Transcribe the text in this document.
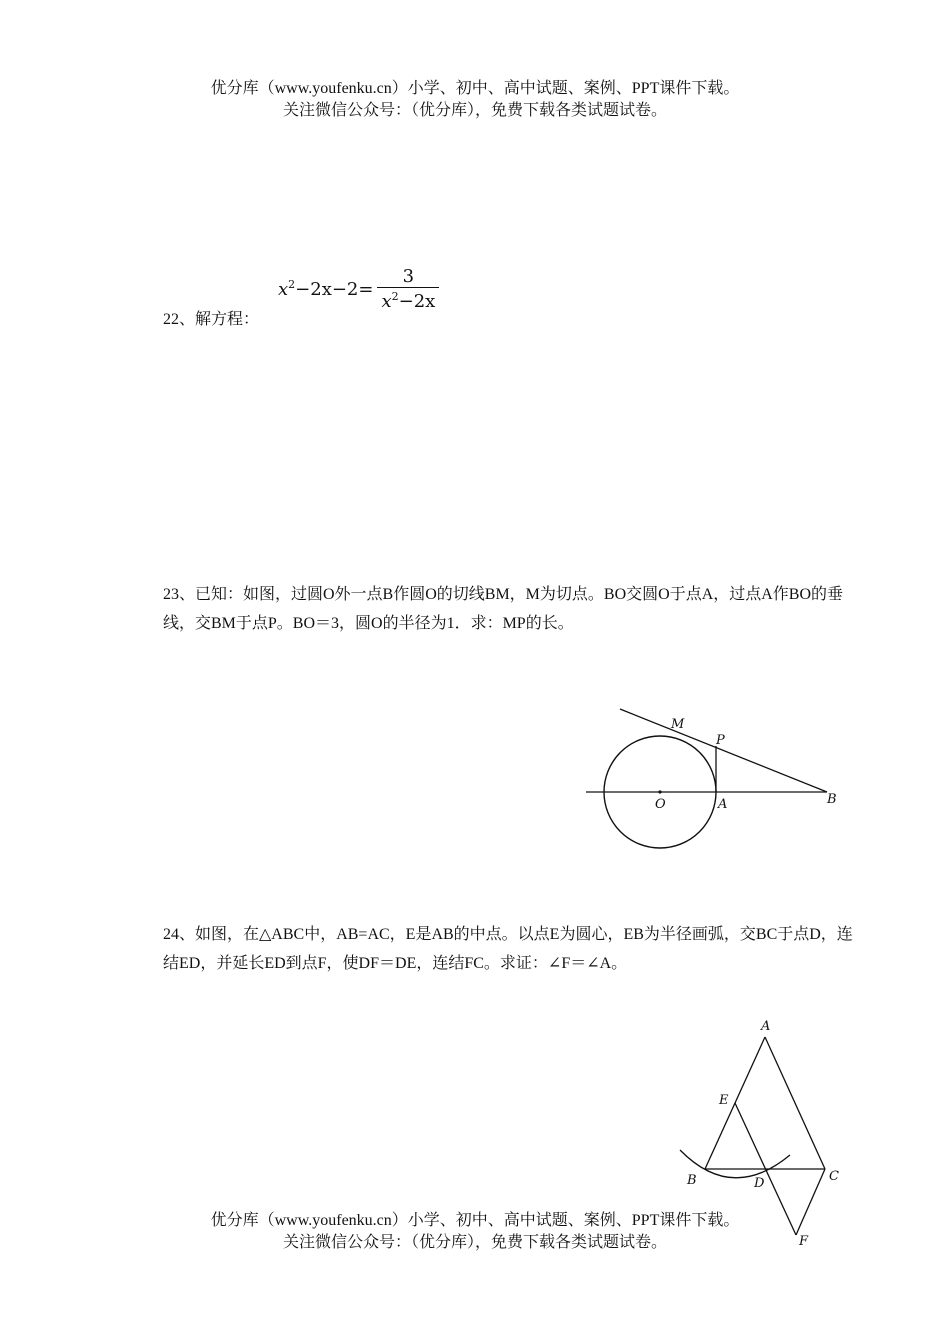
优分库（www.youfenku.cn）小学、初中、高中试题、案例、PPT课件下载。
关注微信公众号：（优分库），免费下载各类试题试卷。
22、解方程：
$x^2-2x-2= \frac{3}{x^2-2x}$
23、已知：如图，过圆O外一点B作圆O的切线BM，M为切点。BO交圆O于点A，过点A作BO的垂线，交BM于点P。BO＝3，圆O的半径为1．求：MP的长。
M
P
O	A	B
24、如图，在△ABC中，AB=AC，E是AB的中点。以点E为圆心，EB为半径画弧，交BC于点D，连结ED，并延长ED到点F，使DF＝DE，连结FC。求证：∠F＝∠A。
A
E
B	D	C
F
优分库（www.youfenku.cn）小学、初中、高中试题、案例、PPT课件下载。
关注微信公众号：（优分库），免费下载各类试题试卷。
